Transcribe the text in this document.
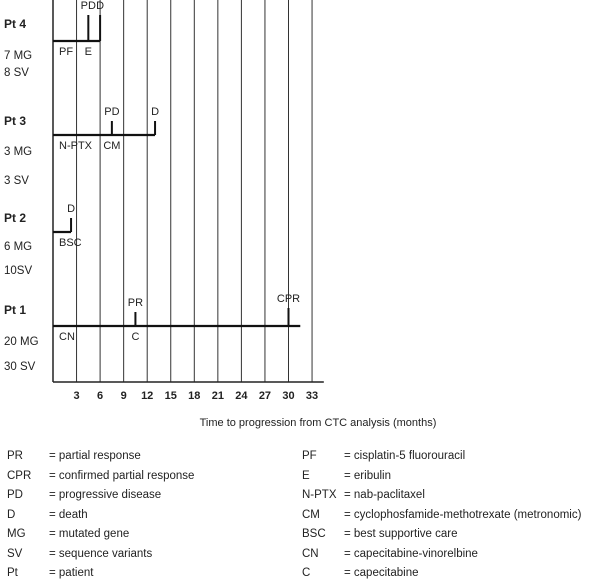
3 6 9 12 15 18 21 24 27 30 33
Time to progression from CTC analysis (months)
Pt 4
7 MG
8 SV
PF E
PD D
Pt 3
3 MG
3 SV
N-PTX CM
PD	D
Pt 2
6 MG
10SV
BSC
D
Pt 1
20 MG
30 SV
CN	C
PR	CPR
PR = partial response
CPR = confirmed partial response
PD = progressive disease
D	= death
MG = mutated gene
SV = sequence variants
Pt	= patient
PF = cisplatin-5 fluorouracil
E	= eribulin
N-PTX = nab-paclitaxel
CM = cyclophosfamide-methotrexate (metronomic)
BSC = best supportive care
CN = capecitabine-vinorelbine
C	= capecitabine
